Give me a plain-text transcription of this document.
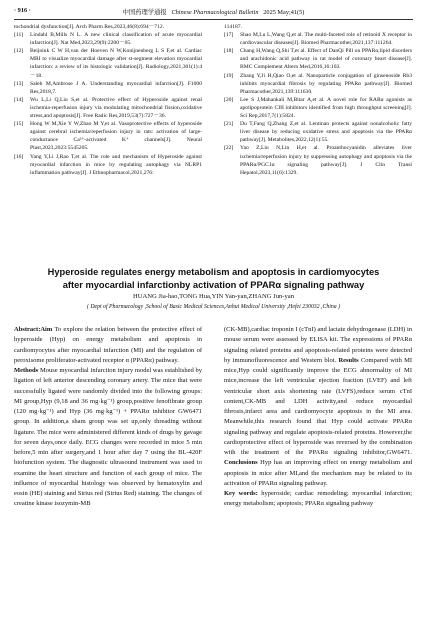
· 916 ·	中国药理学通报 Chinese Pharmacological Bulletin 2025 May;41(5)

tochondrial dysfunction[J]. Arch Pharm Res,2023,46(8):694－712.

[11] Lindahl B,Mills N L. A new clinical classification of acute myocardial infarction[J]. Nat Med,2023,29(9):2200－05.

[12] Beijnink C W H,van der Hoeven N W,Konijnenberg L S F,et al. Cardiac MRI to visualize myocardial damage after st-segment elevation myocardial infarction: a review of its histologic validation[J]. Radiology,2021,301(1):4－18.

[13] Saleh M,Ambrose J A. Understanding myocardial infarction[J]. F1000 Res,2018,7.

[14] Wu L,Li Q,Liu S,et al. Protective effect of Hyperoside against renal ischemia-reperfusion injury via modulating mitochondrial fission,oxidative stress,and apoptosis[J]. Free Radic Res,2019,53(7):727－36.

[15] Hong W M,Xie Y W,Zhao M Y,et al. Vasoprotective effects of hyperoside against cerebral ischemia/reperfusion injury in rats: activation of large-conductance Ca²⁺-activated K⁺ channels[J]. Neural Plast,2023,2023:5545205.

[16] Yang Y,Li J,Rao T,et al. The role and mechanism of Hyperoside against myocardial infarction in mice by regulating autophagy via NLRP1 inflammation pathway[J]. J Ethnopharmacol,2021,276:

114187.

[17] Shao M,Lu L,Wang Q,et al. The multi-faceted role of retinoid X receptor in cardiovascular diseases[J]. Biomed Pharmacother,2021,137:111264.

[18] Chang H,Wang Q,Shi T,et al. Effect of DanQi Pill on PPARα,lipid disorders and arachidonic acid pathway in rat model of coronary heart disease[J]. BMC Complement Altern Med,2016,16:103.

[19] Zhang Y,Ji H,Qiao O,et al. Nanoparticle conjugation of ginsenoside Rb3 inhibits myocardial fibrosis by regulating PPARα pathway[J]. Biomed Pharmacother,2021,139:111630.

[20] Lee S J,Mahankali M,Bitar A,et al. A novel role for RARα agonists as apolipoprotein CIII inhibitors identified from high throughput screening[J]. Sci Rep,2017,7(1):5824.

[21] Du T,Fang Q,Zhang Z,et al. Lentinan protects against nonalcoholic fatty liver disease by reducing oxidative stress and apoptosis via the PPARα pathway[J]. Metabolites,2022,12(1):55.

[22] Yao Z,Liu N,Lin H,et al. Proanthocyanidin alleviates liver ischemia/reperfusion injury by suppressing autophagy and apoptosis via the PPARα/PGC1α signaling pathway[J]. J Clin Transl Hepatol,2023,11(6):1329.

Hyperoside regulates energy metabolism and apoptosis in cardiomyocytes
after myocardial infarctionby activation of PPARα signaling pathway
HUANG Jia-hao,TONG Hua,YIN Yan-yan,ZHANG Jun-yan
( Dept of Pharmacology ,School of Basic Medical Sciences,Anhui Medical University ,Hefei 230032 ,China )

Abstract:Aim To explore the relation between the protective effect of hyperoside (Hyp) on energy metabolism and apoptosis in cardiomyocytes after myocardial infarction (MI) and the regulation of peroxisome proliferator-activated receptor α (PPARα) pathway.

Methods Mouse myocardial infarction injury model was established by ligation of left anterior descending coronary artery. The mice that were successfully ligated were randomly divided into the following groups: MI group,Hyp (9,18 and 36 mg·kg⁻¹) group,positive fenofibrate group (120 mg·kg⁻¹) and Hyp (36 mg·kg⁻¹) + PPARα inhibitor GW6471 group. In addition,a sham group was set up,only threading without ligature. The mice were administered different kinds of drugs by gavage for seven days,once daily. ECG changes were recorded in mice 5 min before,5 min after surgery,and 1 hour after day 7 using the BL-420F biofunction system. The diagnostic ultrasound instrument was used to examine the heart structure and function of each group of mice. The influence of myocardial histology was observed by hematoxylin and eosin (HE) staining and Sirius red (Sirius Red) staining. The changes of creatine kinase isozymin-MB

(CK-MB),cardiac troponin I (cTnI) and lactate dehydrogenase (LDH) in mouse serum were assessed by ELISA kit. The expressions of PPARα signaling related proteins and apoptosis-related proteins were detected by immunofluorescence and Western blot. Results Compared with MI mice,Hyp could significantly improve the ECG abnormality of MI mice,increase the left ventricular ejection fraction (LVEF) and left ventricular short axis shortening rate (LVFS),reduce serum cTnI content,CK-MB and LDH activity,and reduce myocardial fibrosis,infarct area and cardiomyocyte apoptosis in the MI area. Meanwhile,this research found that Hyp could activate PPARα signaling pathway and regulate apoptosis-related proteins. However,the cardioprotective effect of hyperoside was reversed by the combination with the treatment of the PPARα signaling inhibitor,GW6471. Conclusions Hyp has an improving effect on energy metabolism and apoptosis in mice after MI,and the mechanism may be related to its activation of PPARα signaling pathway.

Key words: hyperoside; cardiac remodeling; myocardial infarction; energy metabolism; apoptosis; PPARα signaling pathway
